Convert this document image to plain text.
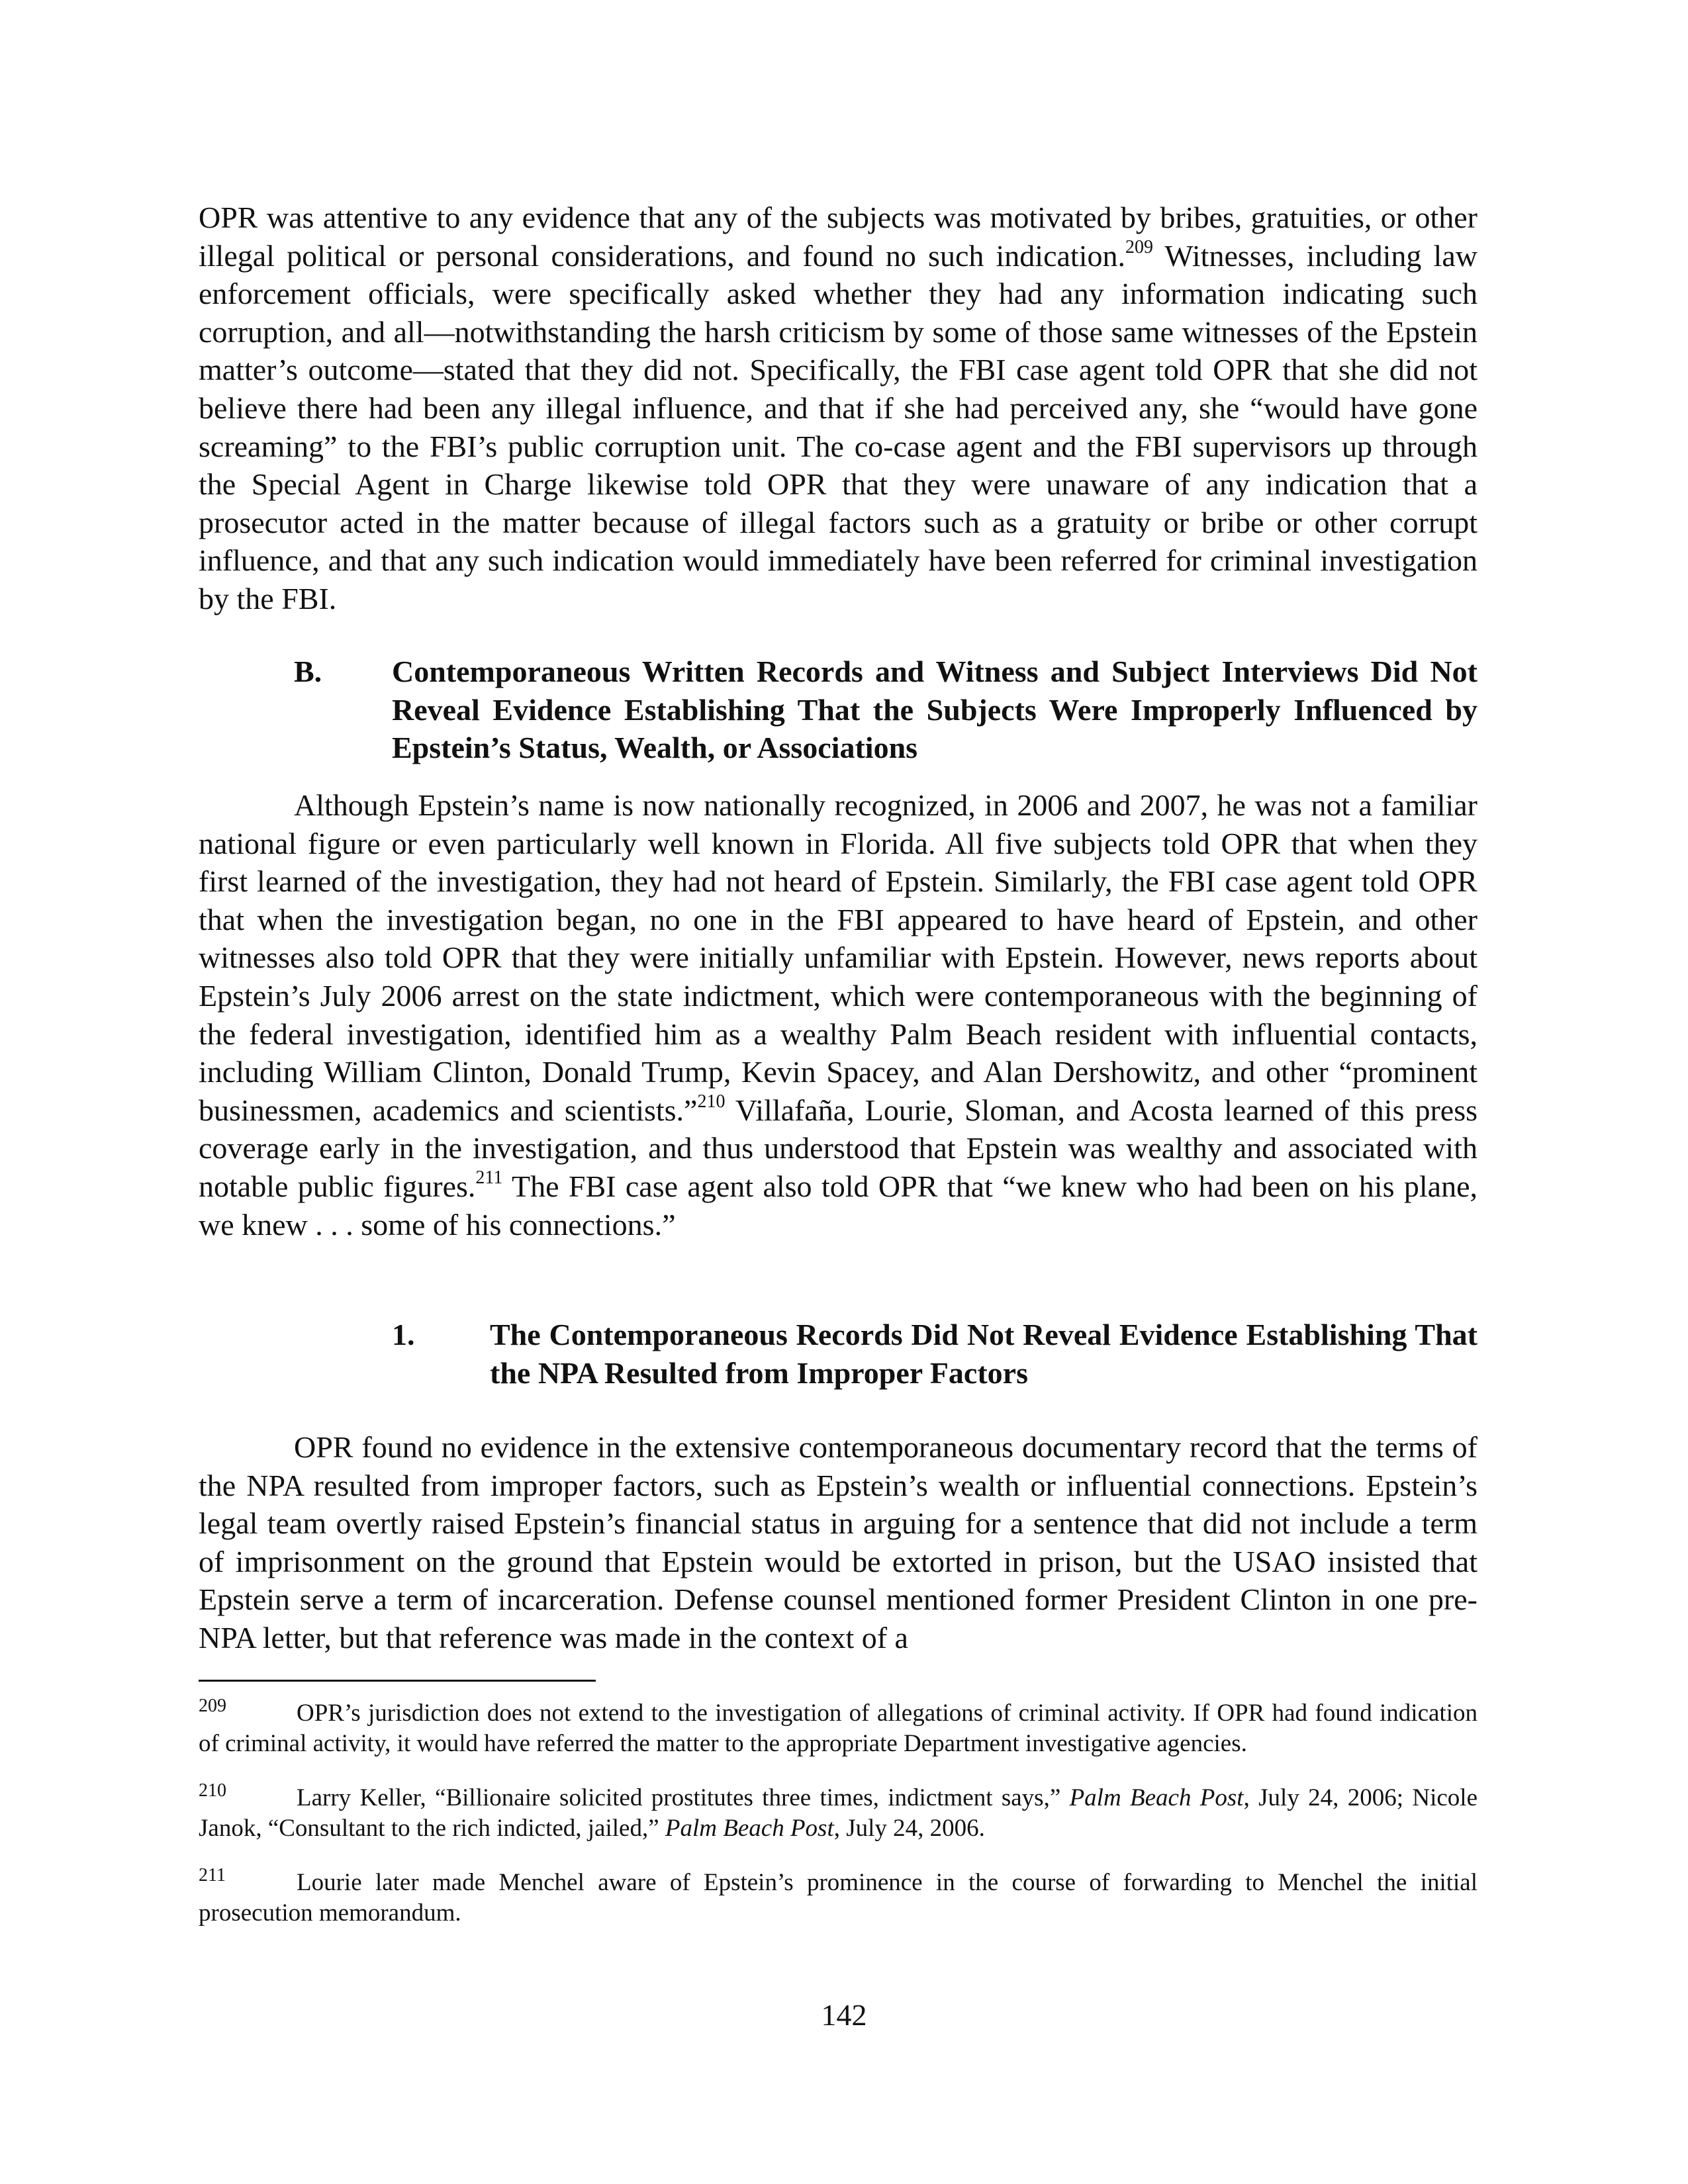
OPR was attentive to any evidence that any of the subjects was motivated by bribes, gratuities, or other illegal political or personal considerations, and found no such indication.$^{209}$ Witnesses, including law enforcement officials, were specifically asked whether they had any information indicating such corruption, and all—notwithstanding the harsh criticism by some of those same witnesses of the Epstein matter’s outcome—stated that they did not. Specifically, the FBI case agent told OPR that she did not believe there had been any illegal influence, and that if she had perceived any, she “would have gone screaming” to the FBI’s public corruption unit. The co-case agent and the FBI supervisors up through the Special Agent in Charge likewise told OPR that they were unaware of any indication that a prosecutor acted in the matter because of illegal factors such as a gratuity or bribe or other corrupt influence, and that any such indication would immediately have been referred for criminal investigation by the FBI.

B. Contemporaneous Written Records and Witness and Subject Interviews Did Not Reveal Evidence Establishing That the Subjects Were Improperly Influenced by Epstein’s Status, Wealth, or Associations

Although Epstein’s name is now nationally recognized, in 2006 and 2007, he was not a familiar national figure or even particularly well known in Florida. All five subjects told OPR that when they first learned of the investigation, they had not heard of Epstein. Similarly, the FBI case agent told OPR that when the investigation began, no one in the FBI appeared to have heard of Epstein, and other witnesses also told OPR that they were initially unfamiliar with Epstein. However, news reports about Epstein’s July 2006 arrest on the state indictment, which were contemporaneous with the beginning of the federal investigation, identified him as a wealthy Palm Beach resident with influential contacts, including William Clinton, Donald Trump, Kevin Spacey, and Alan Dershowitz, and other “prominent businessmen, academics and scientists.”$^{210}$ Villafaña, Lourie, Sloman, and Acosta learned of this press coverage early in the investigation, and thus understood that Epstein was wealthy and associated with notable public figures.$^{211}$ The FBI case agent also told OPR that “we knew who had been on his plane, we knew . . . some of his connections.”

1. The Contemporaneous Records Did Not Reveal Evidence Establishing That the NPA Resulted from Improper Factors

OPR found no evidence in the extensive contemporaneous documentary record that the terms of the NPA resulted from improper factors, such as Epstein’s wealth or influential connections. Epstein’s legal team overtly raised Epstein’s financial status in arguing for a sentence that did not include a term of imprisonment on the ground that Epstein would be extorted in prison, but the USAO insisted that Epstein serve a term of incarceration. Defense counsel mentioned former President Clinton in one pre-NPA letter, but that reference was made in the context of a

209	OPR’s jurisdiction does not extend to the investigation of allegations of criminal activity. If OPR had found indication of criminal activity, it would have referred the matter to the appropriate Department investigative agencies.

210	Larry Keller, “Billionaire solicited prostitutes three times, indictment says,” Palm Beach Post, July 24, 2006; Nicole Janok, “Consultant to the rich indicted, jailed,” Palm Beach Post, July 24, 2006.

211	Lourie later made Menchel aware of Epstein’s prominence in the course of forwarding to Menchel the initial prosecution memorandum.

142
